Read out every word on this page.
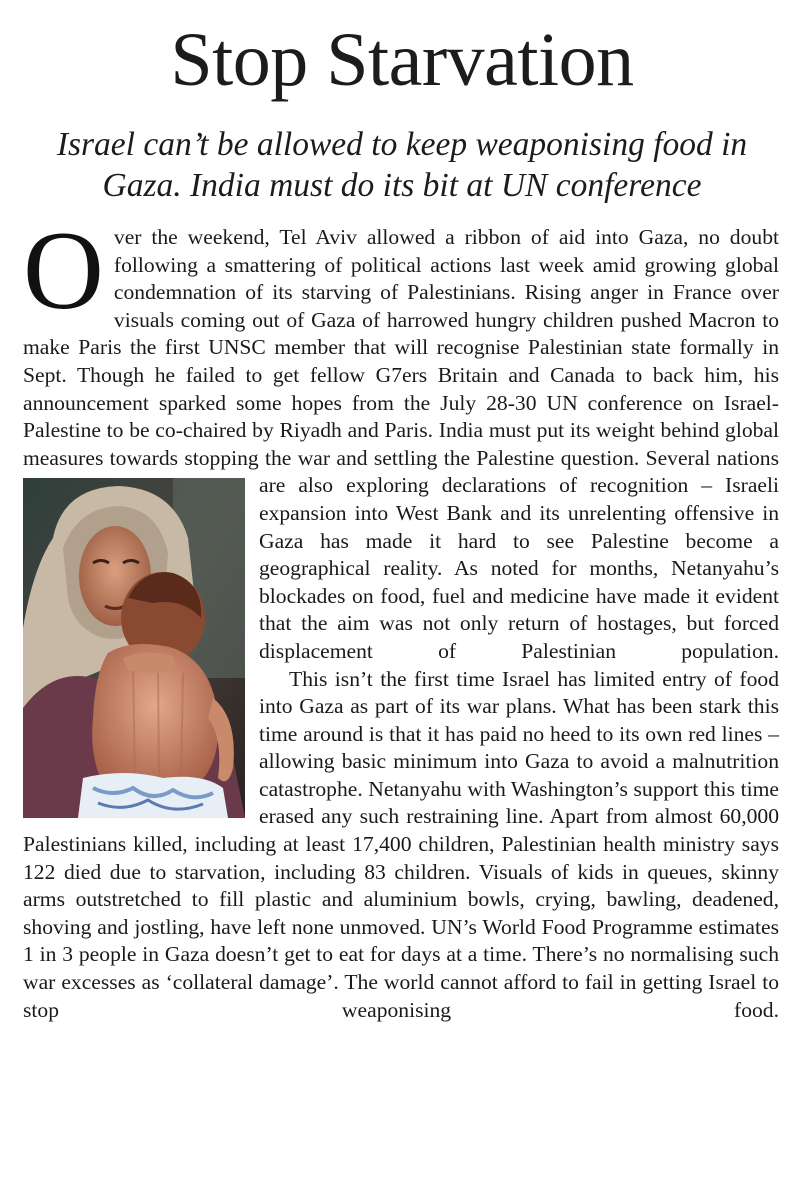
Stop Starvation

Israel can’t be allowed to keep weaponising food in Gaza. India must do its bit at UN conference

Over the weekend, Tel Aviv allowed a ribbon of aid into Gaza, no doubt following a smattering of political actions last week amid growing global condemnation of its starving of Palestinians. Rising anger in France over visuals coming out of Gaza of harrowed hungry children pushed Macron to make Paris the first UNSC member that will recognise Palestinian state formally in Sept. Though he failed to get fellow G7ers Britain and Canada to back him, his announcement sparked some hopes from the July 28-30 UN conference on Israel-Palestine to be co-chaired by Riyadh and Paris. India must put its weight behind global measures towards stopping the war and settling the Palestine question. Several nations are also exploring declarations of recognition – Israeli expansion into West Bank and its unrelenting offensive in Gaza has made it hard to see Palestine become a geographical reality. As noted for months, Netanyahu’s blockades on food, fuel and medicine have made it evident that the aim was not only return of hostages, but forced displacement of Palestinian population.

This isn’t the first time Israel has limited entry of food into Gaza as part of its war plans. What has been stark this time around is that it has paid no heed to its own red lines – allowing basic minimum into Gaza to avoid a malnutrition catastrophe. Netanyahu with Washington’s support this time erased any such restraining line. Apart from almost 60,000 Palestinians killed, including at least 17,400 children, Palestinian health ministry says 122 died due to starvation, including 83 children. Visuals of kids in queues, skinny arms outstretched to fill plastic and aluminium bowls, crying, bawling, deadened, shoving and jostling, have left none unmoved. UN’s World Food Programme estimates 1 in 3 people in Gaza doesn’t get to eat for days at a time. There’s no normalising such war excesses as ‘collateral damage’. The world cannot afford to fail in getting Israel to stop weaponising food.
